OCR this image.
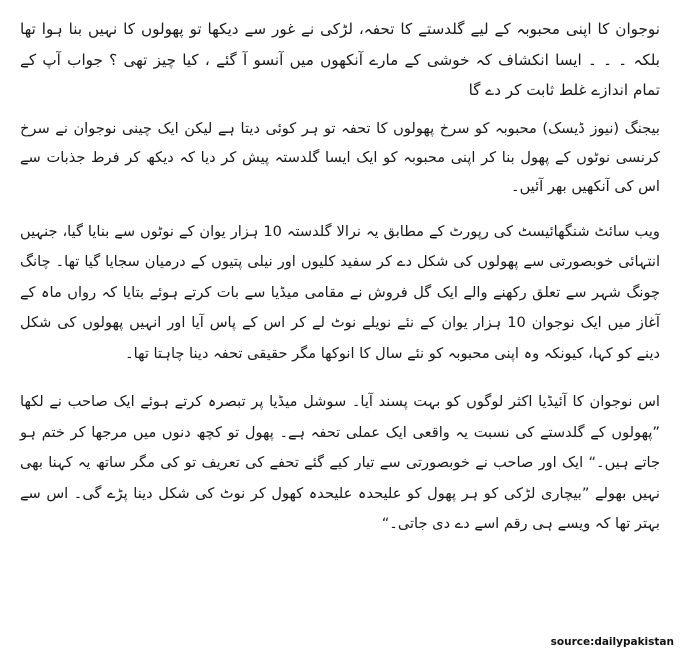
نوجوان کا اپنی محبوبہ کے لیے گلدستے کا تحفہ، لڑکی نے غور سے دیکھا تو پھولوں کا نہیں بنا ہوا تھا بلکہ ۔ ۔ ۔ ایسا انکشاف کہ خوشی کے مارے آنکھوں میں آنسو آ گئے ، کیا چیز تھی ؟ جواب آپ کے تمام اندازے غلط ثابت کر دے گا

بیجنگ (نیوز ڈیسک) محبوبہ کو سرخ پھولوں کا تحفہ تو ہر کوئی دیتا ہے لیکن ایک چینی نوجوان نے سرخ کرنسی نوٹوں کے پھول بنا کر اپنی محبوبہ کو ایک ایسا گلدستہ پیش کر دیا کہ دیکھ کر فرط جذبات سے اس کی آنکھیں بھر آئیں۔

ویب سائٹ شنگھائیسٹ کی رپورٹ کے مطابق یہ نرالا گلدستہ 10 ہزار یوان کے نوٹوں سے بنایا گیا، جنہیں انتہائی خوبصورتی سے پھولوں کی شکل دے کر سفید کلیوں اور نیلی پتیوں کے درمیان سجایا گیا تھا۔ چانگ چونگ شہر سے تعلق رکھنے والے ایک گل فروش نے مقامی میڈیا سے بات کرتے ہوئے بتایا کہ رواں ماہ کے آغاز میں ایک نوجوان 10 ہزار یوان کے نئے نویلے نوٹ لے کر اس کے پاس آیا اور انہیں پھولوں کی شکل دینے کو کہا، کیونکہ وہ اپنی محبوبہ کو نئے سال کا انوکھا مگر حقیقی تحفہ دینا چاہتا تھا۔

اس نوجوان کا آئیڈیا اکثر لوگوں کو بہت پسند آیا۔ سوشل میڈیا پر تبصرہ کرتے ہوئے ایک صاحب نے لکھا ”پھولوں کے گلدستے کی نسبت یہ واقعی ایک عملی تحفہ ہے۔ پھول تو کچھ دنوں میں مرجھا کر ختم ہو جاتے ہیں۔“ ایک اور صاحب نے خوبصورتی سے تیار کیے گئے تحفے کی تعریف تو کی مگر ساتھ یہ کہنا بھی نہیں بھولے ”بیچاری لڑکی کو ہر پھول کو علیحدہ علیحدہ کھول کر نوٹ کی شکل دینا پڑے گی۔ اس سے بہتر تھا کہ ویسے ہی رقم اسے دے دی جاتی۔“

source:dailypakistan
